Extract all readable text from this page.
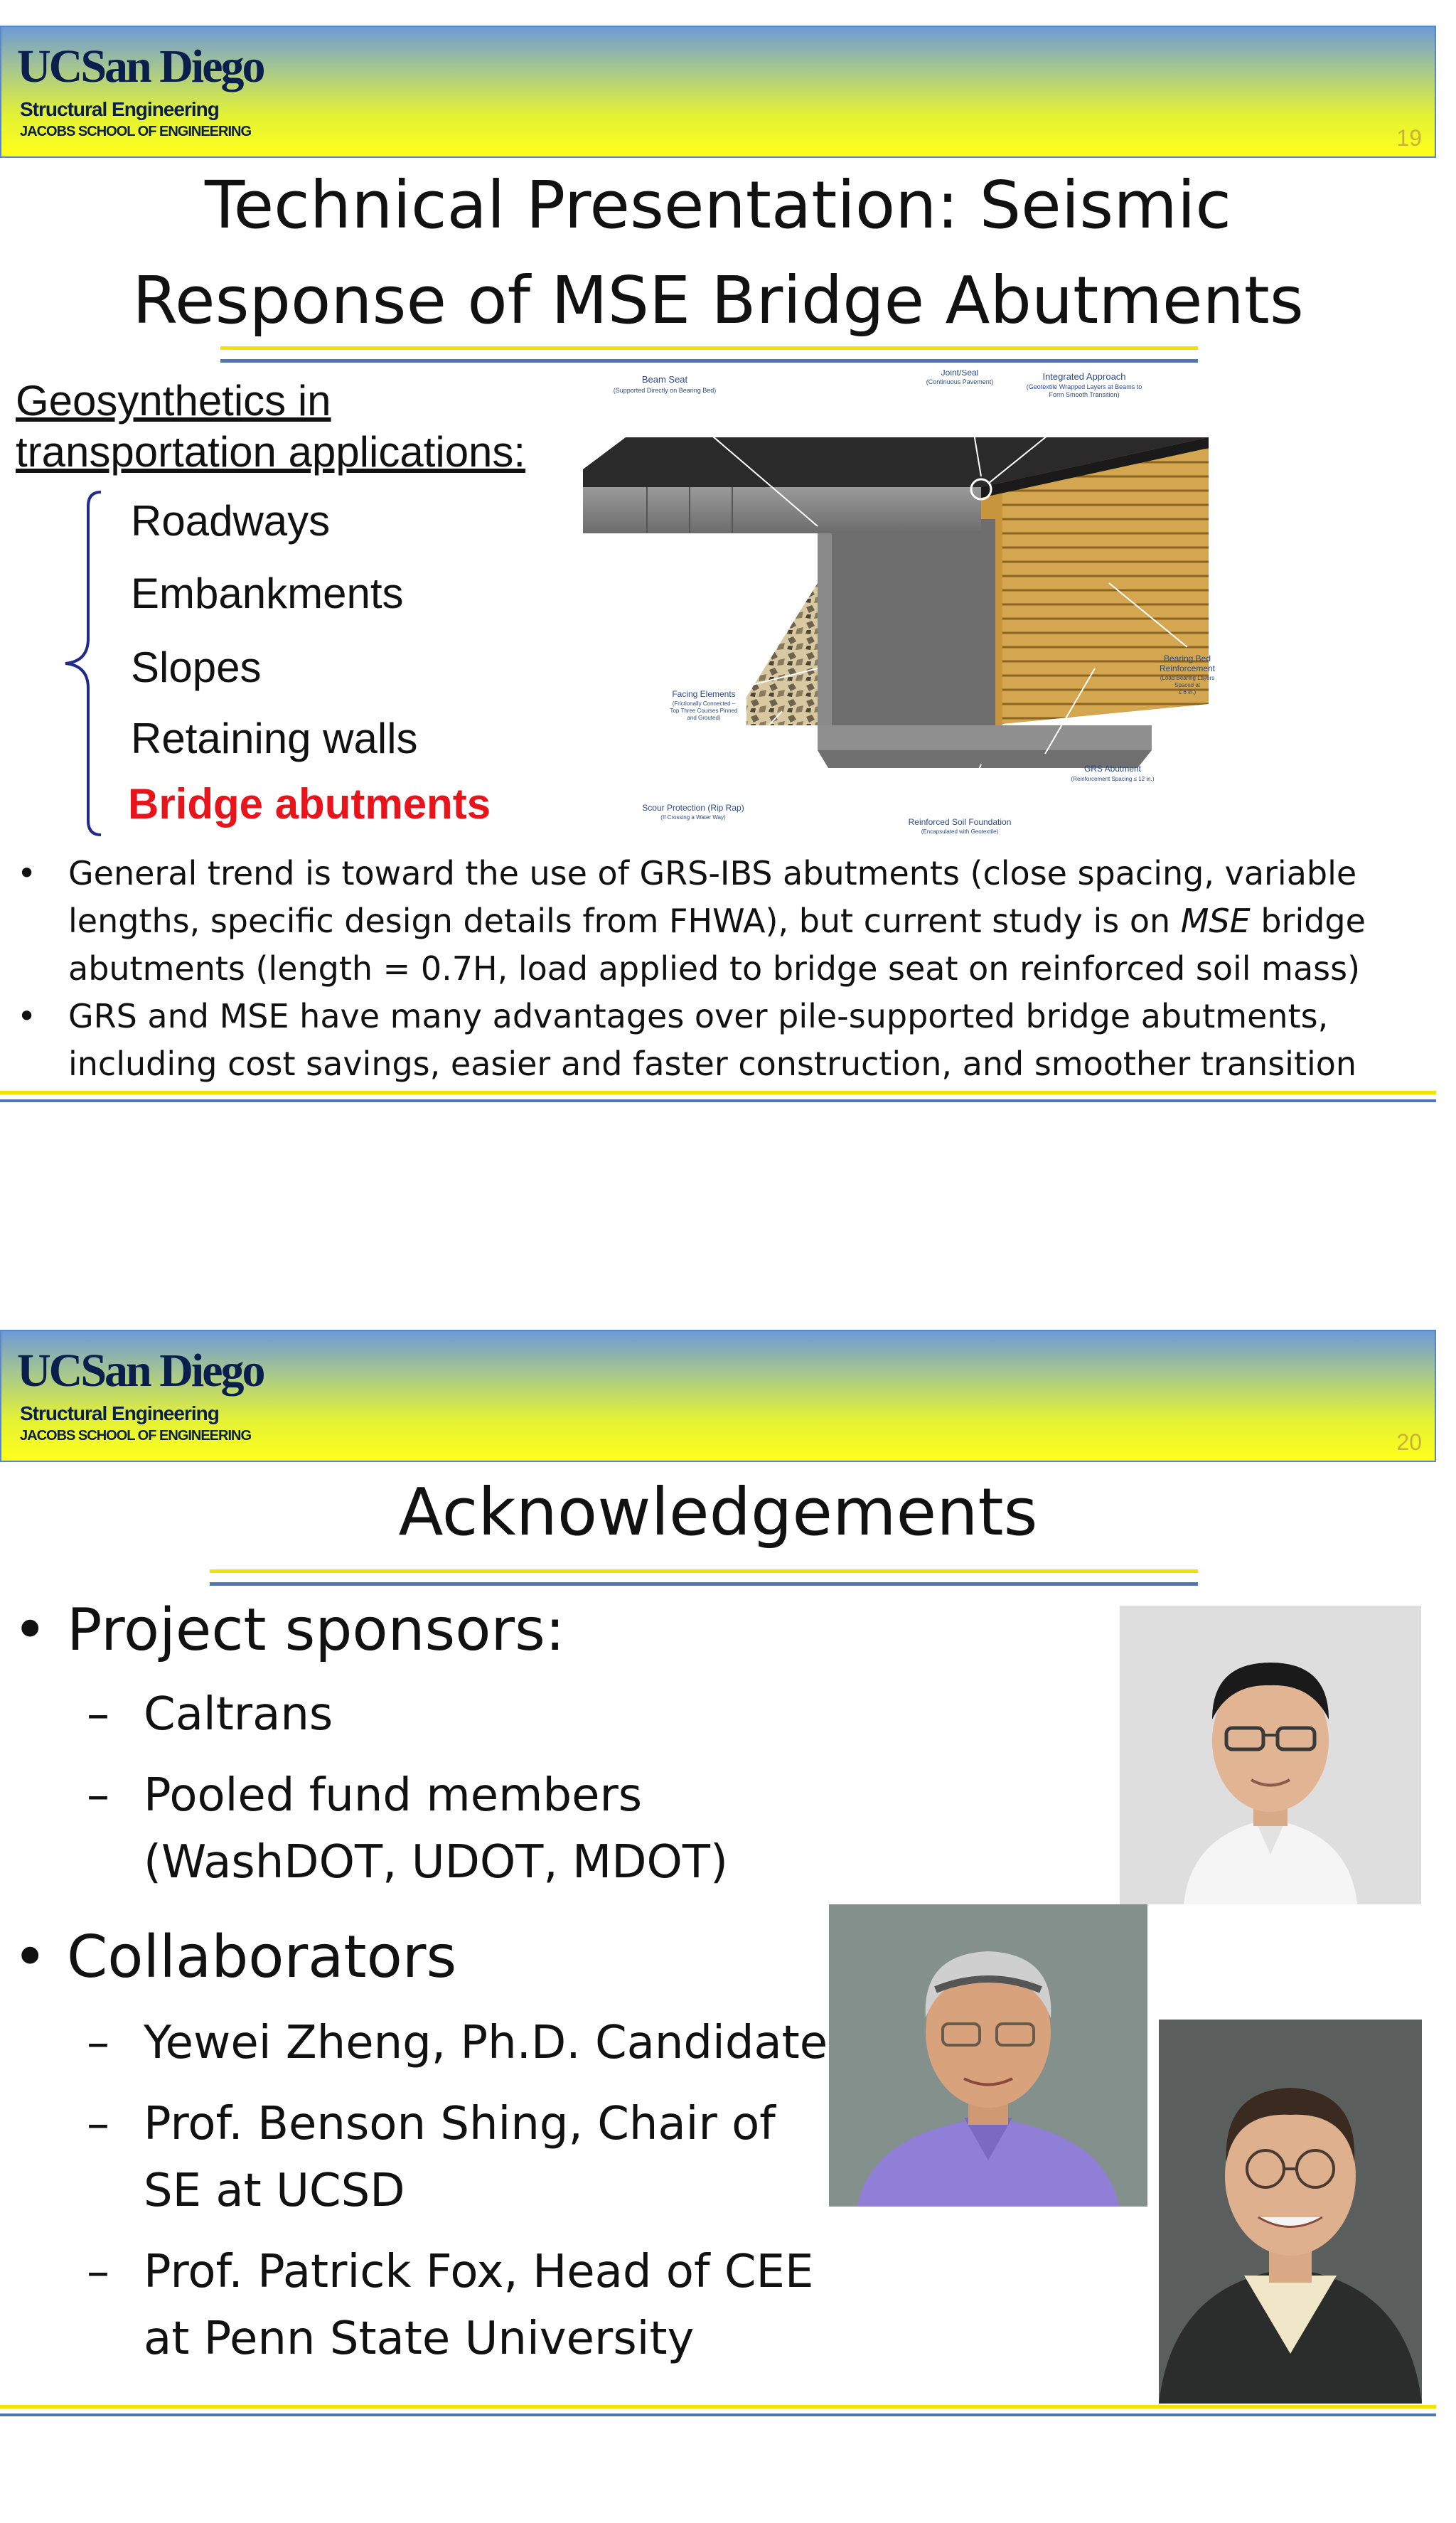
UCSan Diego
Structural Engineering
JACOBS SCHOOL OF ENGINEERING	19
Technical Presentation: Seismic
Response of MSE Bridge Abutments
Geosynthetics in
transportation applications:
Roadways
Embankments
Slopes
Retaining walls
Bridge abutments
Beam Seat
(Supported Directly on Bearing Bed)
Joint/Seal
(Continuous Pavement)	Integrated Approach
(Geotextile Wrapped Layers at Beams to
Form Smooth Transition)
Bearing Bed
Reinforcement
(Load Bearing Layers
Spaced at
≤ 6 in.)
Facing Elements
(Frictionally Connected –
Top Three Courses Pinned
and Grouted)
GRS Abutment
(Reinforcement Spacing ≤ 12 in.)
Scour Protection (Rip Rap)
(If Crossing a Water Way)	Reinforced Soil Foundation
(Encapsulated with Geotextile)
• General trend is toward the use of GRS-IBS abutments (close spacing, variable
lengths, specific design details from FHWA), but current study is on MSE bridge
abutments (length = 0.7H, load applied to bridge seat on reinforced soil mass)
• GRS and MSE have many advantages over pile-supported bridge abutments,
including cost savings, easier and faster construction, and smoother transition
UCSan Diego
Structural Engineering
JACOBS SCHOOL OF ENGINEERING	20
Acknowledgements
• Project sponsors:
– Caltrans
– Pooled fund members
(WashDOT, UDOT, MDOT)
• Collaborators
– Yewei Zheng, Ph.D. Candidate
– Prof. Benson Shing, Chair of
SE at UCSD
– Prof. Patrick Fox, Head of CEE
at Penn State University
